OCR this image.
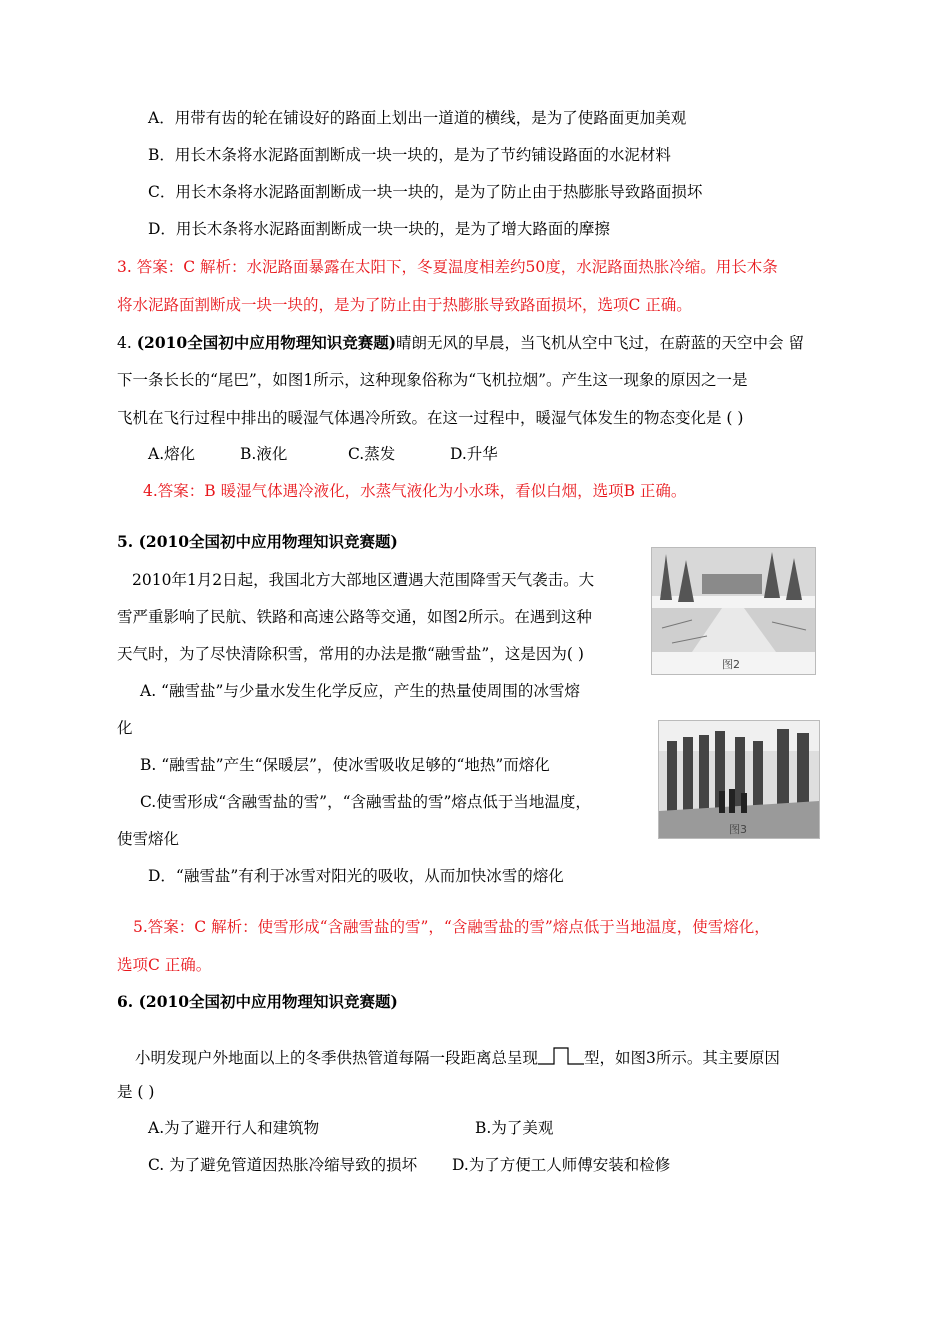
A．用带有齿的轮在铺设好的路面上划出一道道的横线，是为了使路面更加美观
B．用长木条将水泥路面割断成一块一块的，是为了节约铺设路面的水泥材料
C．用长木条将水泥路面割断成一块一块的，是为了防止由于热膨胀导致路面损坏
D．用长木条将水泥路面割断成一块一块的，是为了增大路面的摩擦
3. 答案：C 解析：水泥路面暴露在太阳下，冬夏温度相差约50度，水泥路面热胀冷缩。用长木条
将水泥路面割断成一块一块的，是为了防止由于热膨胀导致路面损坏，选项C 正确。
4. (2010全国初中应用物理知识竞赛题)晴朗无风的早晨，当飞机从空中飞过，在蔚蓝的天空中会 留
下一条长长的“尾巴”，如图1所示，这种现象俗称为“飞机拉烟”。产生这一现象的原因之一是
飞机在飞行过程中排出的暖湿气体遇冷所致。在这一过程中，暖湿气体发生的物态变化是 ( )
A.熔化	B.液化	C.蒸发	D.升华
4.答案：B 暖湿气体遇冷液化，水蒸气液化为小水珠，看似白烟，选项B 正确。
5. (2010全国初中应用物理知识竞赛题)
2010年1月2日起，我国北方大部地区遭遇大范围降雪天气袭击。大
雪严重影响了民航、铁路和高速公路等交通，如图2所示。在遇到这种
天气时，为了尽快清除积雪，常用的办法是撒“融雪盐”，这是因为( )
A. “融雪盐”与少量水发生化学反应，产生的热量使周围的冰雪熔
化
B. “融雪盐”产生“保暖层”，使冰雪吸收足够的“地热”而熔化
C.使雪形成“含融雪盐的雪”，“含融雪盐的雪”熔点低于当地温度，
使雪熔化
D．“融雪盐”有利于冰雪对阳光的吸收，从而加快冰雪的熔化
图2
图3
5.答案：C 解析：使雪形成“含融雪盐的雪”，“含融雪盐的雪”熔点低于当地温度，使雪熔化，
选项C 正确。
6. (2010全国初中应用物理知识竞赛题)
小明发现户外地面以上的冬季供热管道每隔一段距离总呈现	型，如图3所示。其主要原因
是 ( )
A.为了避开行人和建筑物	B.为了美观
C. 为了避免管道因热胀冷缩导致的损坏 D.为了方便工人师傅安装和检修
